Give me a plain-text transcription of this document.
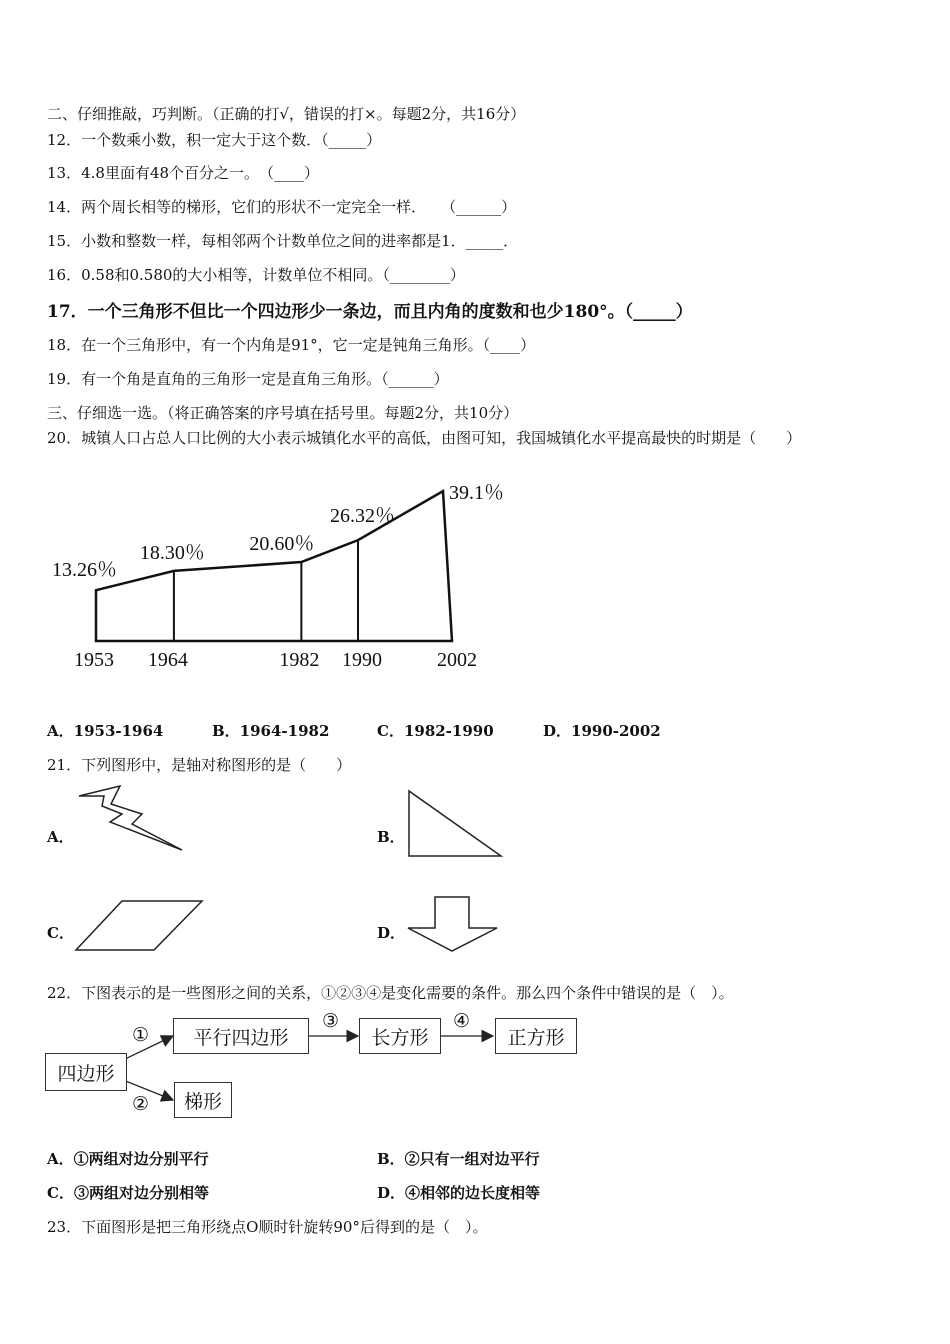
二、仔细推敲，巧判断。（正确的打√，错误的打×。每题2分，共16分）
12．一个数乘小数，积一定大于这个数．（_____）
13．4.8里面有48个百分之一。　（____）
14．两个周长相等的梯形，它们的形状不一定完全一样．　　（______）
15．小数和整数一样，每相邻两个计数单位之间的进率都是1．_____．
16．0.58和0.580的大小相等，计数单位不相同。（________）
17．一个三角形不但比一个四边形少一条边，而且内角的度数和也少180°。（_____）
18．在一个三角形中，有一个内角是91°，它一定是钝角三角形。（____）
19．有一个角是直角的三角形一定是直角三角形。（______）
三、仔细选一选。（将正确答案的序号填在括号里。每题2分，共10分）
20．城镇人口占总人口比例的大小表示城镇化水平的高低，由图可知，我国城镇化水平提高最快的时期是（　　）
13.26％
1953
18.30％
1964
20.60％
1982
26.32％
1990
39.1％
2002
A．1953-1964	B．1964-1982	C．1982-1990	D．1990-2002
21．下列图形中，是轴对称图形的是（　　）
A．	B．
C．	D．
22．下图表示的是一些图形之间的关系，①②③④是变化需要的条件。那么四个条件中错误的是（　）。
①
②
③	④
四边形
平行四边形	长方形	正方形
梯形
A．①两组对边分别平行	B．②只有一组对边平行
C．③两组对边分别相等	D．④相邻的边长度相等
23．下面图形是把三角形绕点O顺时针旋转90°后得到的是（　）。
